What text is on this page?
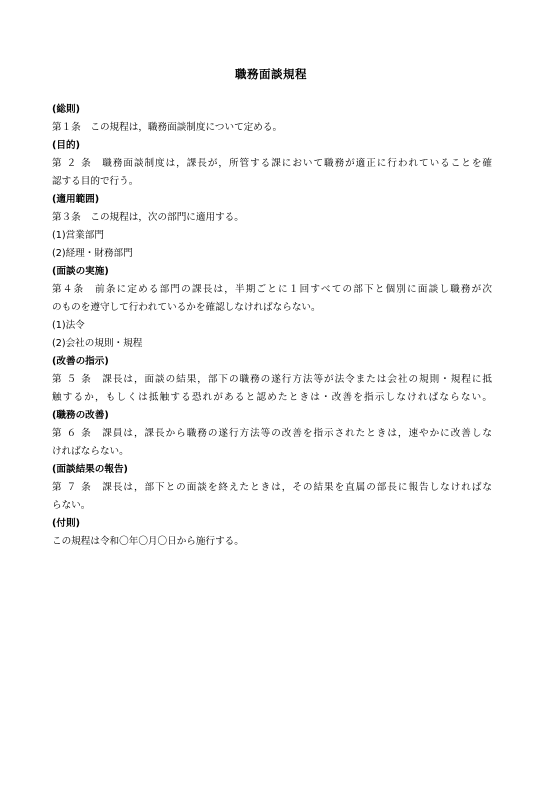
職務面談規程
(総則)
第１条　この規程は，職務面談制度について定める。
(目的)
第 ２ 条　職務面談制度は，課長が，所管する課において職務が適正に行われていることを確
認する目的で行う。
(適用範囲)
第３条　この規程は，次の部門に適用する。
(1)営業部門
(2)経理・財務部門
(面談の実施)
第４条　前条に定める部門の課長は，半期ごとに１回すべての部下と個別に面談し職務が次
のものを遵守して行われているかを確認しなければならない。
(1)法令
(2)会社の規則・規程
(改善の指示)
第 ５ 条　課長は，面談の結果，部下の職務の遂行方法等が法令または会社の規則・規程に抵
触するか，もしくは抵触する恐れがあると認めたときは・改善を指示しなければならない。
(職務の改善)
第 ６ 条　課員は，課長から職務の遂行方法等の改善を指示されたときは，速やかに改善しな
ければならない。
(面談結果の報告)
第 ７ 条　課長は，部下との面談を終えたときは，その結果を直属の部長に報告しなければな
らない。
(付則)
この規程は令和〇年〇月〇日から施行する。
